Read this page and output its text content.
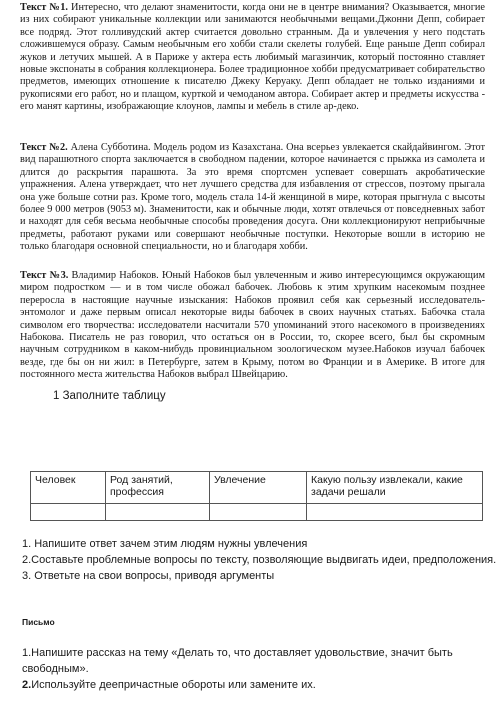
Текст №1. Интересно, что делают знаменитости, когда они не в центре внимания? Оказывается, многие из них собирают уникальные коллекции или занимаются необычными вещами.Джонни Депп, собирает все подряд. Этот голливудский актер считается довольно странным. Да и увлечения у него подстать сложившемуся образу. Самым необычным его хобби стали скелеты голубей. Еще раньше Депп собирал жуков и летучих мышей. А в Париже у актера есть любимый магазинчик, который постоянно ставляет новые экспонаты в собрания коллекционера. Более традиционное хобби предусматривает собирательство предметов, имеющих отношение к писателю Джеку Керуаку. Депп обладает не только изданиями и рукописями его работ, но и плащом, курткой и чемоданом автора. Собирает актер и предметы искусства - его манят картины, изображающие клоунов, лампы и мебель в стиле ар-деко.
Текст №2. Алена Субботина. Модель родом из Казахстана. Она всерьез увлекается скайдайвингом. Этот вид парашютного спорта заключается в свободном падении, которое начинается с прыжка из самолета и длится до раскрытия парашюта. За это время спортсмен успевает совершать акробатические упражнения. Алена утверждает, что нет лучшего средства для избавления от стрессов, поэтому прыгала она уже больше сотни раз. Кроме того, модель стала 14-й женщиной в мире, которая прыгнула с высоты более 9 000 метров (9053 м). Знаменитости, как и обычные люди, хотят отвлечься от повседневных забот и находят для себя весьма необычные способы проведения досуга. Они коллекционируют неприбычные предметы, работают руками или совершают необычные поступки. Некоторые вошли в историю не только благодаря основной специальности, но и благодаря хобби.
Текст №3. Владимир Набоков. Юный Набоков был увлеченным и живо интересующимся окружающим миром подростком — и в том числе обожал бабочек. Любовь к этим хрупким насекомым позднее переросла в настоящие научные изыскания: Набоков проявил себя как серьезный исследователь-энтомолог и даже первым описал некоторые виды бабочек в своих научных статьях. Бабочка стала символом его творчества: исследователи насчитали 570 упоминаний этого насекомого в произведениях Набокова. Писатель не раз говорил, что остаться он в России, то, скорее всего, был бы скромным научным сотрудником в каком-нибудь провинциальном зоологическом музее.Набоков изучал бабочек везде, где бы он ни жил: в Петербурге, затем в Крыму, потом во Франции и в Америке. В итоге для постоянного места жительства Набоков выбрал Швейцарию.
1 Заполните таблицу
Человек	Род занятий, профессия	Увлечение	Какую пользу извлекали, какие задачи решали

1. Напишите ответ зачем этим людям нужны увлечения
2.Составьте проблемные вопросы по тексту, позволяющие выдвигать идеи, предположения.
3. Ответьте на свои вопросы, приводя аргументы
Письмо
1.Напишите рассказ на тему «Делать то, что доставляет удовольствие, значит быть свободным».
2.Используйте деепричастные обороты или замените их.
